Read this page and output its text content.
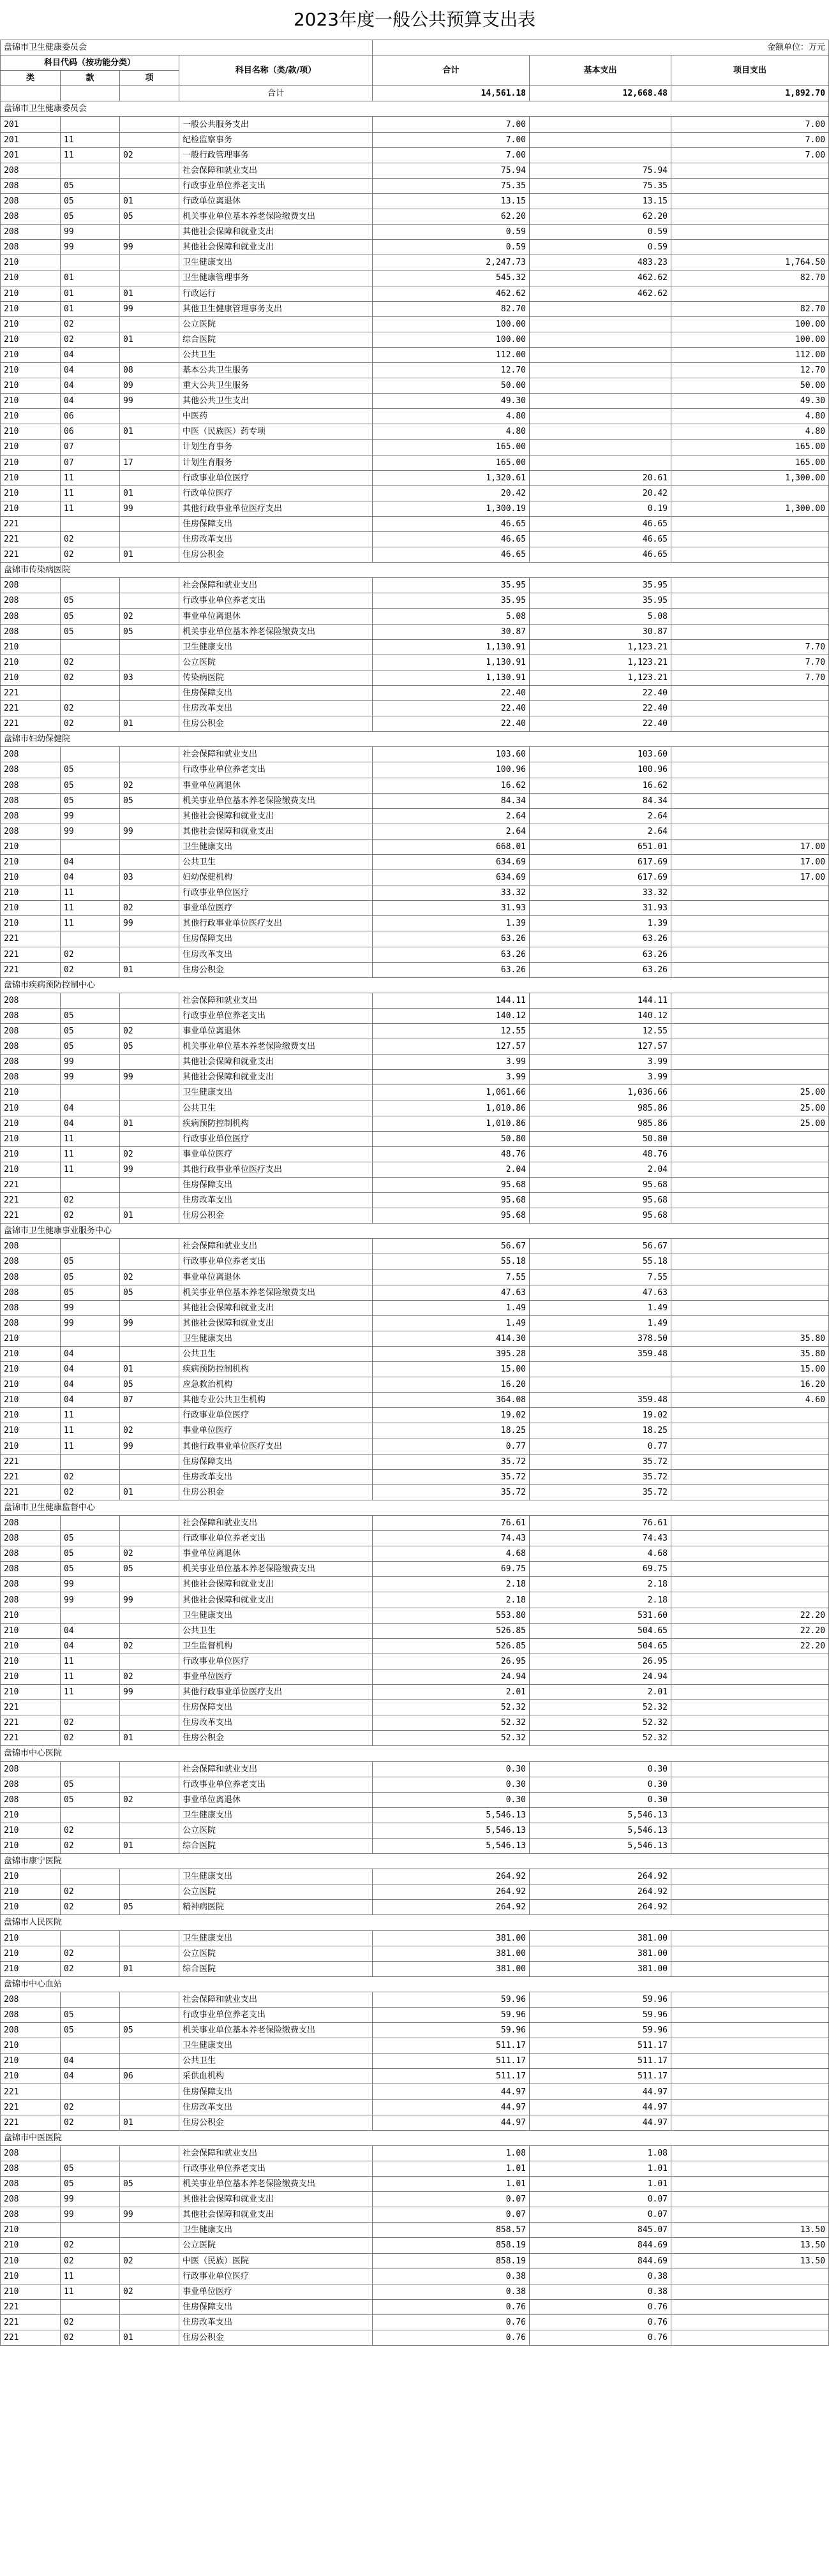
2023年度一般公共预算支出表
盘锦市卫生健康委员会				金额单位：万元		
科目代码（按功能分类）			科目名称（类/款/项）	合计	基本支出	项目支出
类	款	项				
			合计	14,561.18	12,668.48	1,892.70
盘锦市卫生健康委员会						
201			一般公共服务支出	7.00		7.00
201	11		纪检监察事务	7.00		7.00
201	11	02	一般行政管理事务	7.00		7.00
208			社会保障和就业支出	75.94	75.94	
208	05		行政事业单位养老支出	75.35	75.35	
208	05	01	行政单位离退休	13.15	13.15	
208	05	05	机关事业单位基本养老保险缴费支出	62.20	62.20	
208	99		其他社会保障和就业支出	0.59	0.59	
208	99	99	其他社会保障和就业支出	0.59	0.59	
210			卫生健康支出	2,247.73	483.23	1,764.50
210	01		卫生健康管理事务	545.32	462.62	82.70
210	01	01	行政运行	462.62	462.62	
210	01	99	其他卫生健康管理事务支出	82.70		82.70
210	02		公立医院	100.00		100.00
210	02	01	综合医院	100.00		100.00
210	04		公共卫生	112.00		112.00
210	04	08	基本公共卫生服务	12.70		12.70
210	04	09	重大公共卫生服务	50.00		50.00
210	04	99	其他公共卫生支出	49.30		49.30
210	06		中医药	4.80		4.80
210	06	01	中医（民族医）药专项	4.80		4.80
210	07		计划生育事务	165.00		165.00
210	07	17	计划生育服务	165.00		165.00
210	11		行政事业单位医疗	1,320.61	20.61	1,300.00
210	11	01	行政单位医疗	20.42	20.42	
210	11	99	其他行政事业单位医疗支出	1,300.19	0.19	1,300.00
221			住房保障支出	46.65	46.65	
221	02		住房改革支出	46.65	46.65	
221	02	01	住房公积金	46.65	46.65	
盘锦市传染病医院						
208			社会保障和就业支出	35.95	35.95	
208	05		行政事业单位养老支出	35.95	35.95	
208	05	02	事业单位离退休	5.08	5.08	
208	05	05	机关事业单位基本养老保险缴费支出	30.87	30.87	
210			卫生健康支出	1,130.91	1,123.21	7.70
210	02		公立医院	1,130.91	1,123.21	7.70
210	02	03	传染病医院	1,130.91	1,123.21	7.70
221			住房保障支出	22.40	22.40	
221	02		住房改革支出	22.40	22.40	
221	02	01	住房公积金	22.40	22.40	
盘锦市妇幼保健院						
208			社会保障和就业支出	103.60	103.60	
208	05		行政事业单位养老支出	100.96	100.96	
208	05	02	事业单位离退休	16.62	16.62	
208	05	05	机关事业单位基本养老保险缴费支出	84.34	84.34	
208	99		其他社会保障和就业支出	2.64	2.64	
208	99	99	其他社会保障和就业支出	2.64	2.64	
210			卫生健康支出	668.01	651.01	17.00
210	04		公共卫生	634.69	617.69	17.00
210	04	03	妇幼保健机构	634.69	617.69	17.00
210	11		行政事业单位医疗	33.32	33.32	
210	11	02	事业单位医疗	31.93	31.93	
210	11	99	其他行政事业单位医疗支出	1.39	1.39	
221			住房保障支出	63.26	63.26	
221	02		住房改革支出	63.26	63.26	
221	02	01	住房公积金	63.26	63.26	
盘锦市疾病预防控制中心						
208			社会保障和就业支出	144.11	144.11	
208	05		行政事业单位养老支出	140.12	140.12	
208	05	02	事业单位离退休	12.55	12.55	
208	05	05	机关事业单位基本养老保险缴费支出	127.57	127.57	
208	99		其他社会保障和就业支出	3.99	3.99	
208	99	99	其他社会保障和就业支出	3.99	3.99	
210			卫生健康支出	1,061.66	1,036.66	25.00
210	04		公共卫生	1,010.86	985.86	25.00
210	04	01	疾病预防控制机构	1,010.86	985.86	25.00
210	11		行政事业单位医疗	50.80	50.80	
210	11	02	事业单位医疗	48.76	48.76	
210	11	99	其他行政事业单位医疗支出	2.04	2.04	
221			住房保障支出	95.68	95.68	
221	02		住房改革支出	95.68	95.68	
221	02	01	住房公积金	95.68	95.68	
盘锦市卫生健康事业服务中心						
208			社会保障和就业支出	56.67	56.67	
208	05		行政事业单位养老支出	55.18	55.18	
208	05	02	事业单位离退休	7.55	7.55	
208	05	05	机关事业单位基本养老保险缴费支出	47.63	47.63	
208	99		其他社会保障和就业支出	1.49	1.49	
208	99	99	其他社会保障和就业支出	1.49	1.49	
210			卫生健康支出	414.30	378.50	35.80
210	04		公共卫生	395.28	359.48	35.80
210	04	01	疾病预防控制机构	15.00		15.00
210	04	05	应急救治机构	16.20		16.20
210	04	07	其他专业公共卫生机构	364.08	359.48	4.60
210	11		行政事业单位医疗	19.02	19.02	
210	11	02	事业单位医疗	18.25	18.25	
210	11	99	其他行政事业单位医疗支出	0.77	0.77	
221			住房保障支出	35.72	35.72	
221	02		住房改革支出	35.72	35.72	
221	02	01	住房公积金	35.72	35.72	
盘锦市卫生健康监督中心						
208			社会保障和就业支出	76.61	76.61	
208	05		行政事业单位养老支出	74.43	74.43	
208	05	02	事业单位离退休	4.68	4.68	
208	05	05	机关事业单位基本养老保险缴费支出	69.75	69.75	
208	99		其他社会保障和就业支出	2.18	2.18	
208	99	99	其他社会保障和就业支出	2.18	2.18	
210			卫生健康支出	553.80	531.60	22.20
210	04		公共卫生	526.85	504.65	22.20
210	04	02	卫生监督机构	526.85	504.65	22.20
210	11		行政事业单位医疗	26.95	26.95	
210	11	02	事业单位医疗	24.94	24.94	
210	11	99	其他行政事业单位医疗支出	2.01	2.01	
221			住房保障支出	52.32	52.32	
221	02		住房改革支出	52.32	52.32	
221	02	01	住房公积金	52.32	52.32	
盘锦市中心医院						
208			社会保障和就业支出	0.30	0.30	
208	05		行政事业单位养老支出	0.30	0.30	
208	05	02	事业单位离退休	0.30	0.30	
210			卫生健康支出	5,546.13	5,546.13	
210	02		公立医院	5,546.13	5,546.13	
210	02	01	综合医院	5,546.13	5,546.13	
盘锦市康宁医院						
210			卫生健康支出	264.92	264.92	
210	02		公立医院	264.92	264.92	
210	02	05	精神病医院	264.92	264.92	
盘锦市人民医院						
210			卫生健康支出	381.00	381.00	
210	02		公立医院	381.00	381.00	
210	02	01	综合医院	381.00	381.00	
盘锦市中心血站						
208			社会保障和就业支出	59.96	59.96	
208	05		行政事业单位养老支出	59.96	59.96	
208	05	05	机关事业单位基本养老保险缴费支出	59.96	59.96	
210			卫生健康支出	511.17	511.17	
210	04		公共卫生	511.17	511.17	
210	04	06	采供血机构	511.17	511.17	
221			住房保障支出	44.97	44.97	
221	02		住房改革支出	44.97	44.97	
221	02	01	住房公积金	44.97	44.97	
盘锦市中医医院						
208			社会保障和就业支出	1.08	1.08	
208	05		行政事业单位养老支出	1.01	1.01	
208	05	05	机关事业单位基本养老保险缴费支出	1.01	1.01	
208	99		其他社会保障和就业支出	0.07	0.07	
208	99	99	其他社会保障和就业支出	0.07	0.07	
210			卫生健康支出	858.57	845.07	13.50
210	02		公立医院	858.19	844.69	13.50
210	02	02	中医（民族）医院	858.19	844.69	13.50
210	11		行政事业单位医疗	0.38	0.38	
210	11	02	事业单位医疗	0.38	0.38	
221			住房保障支出	0.76	0.76	
221	02		住房改革支出	0.76	0.76	
221	02	01	住房公积金	0.76	0.76	
